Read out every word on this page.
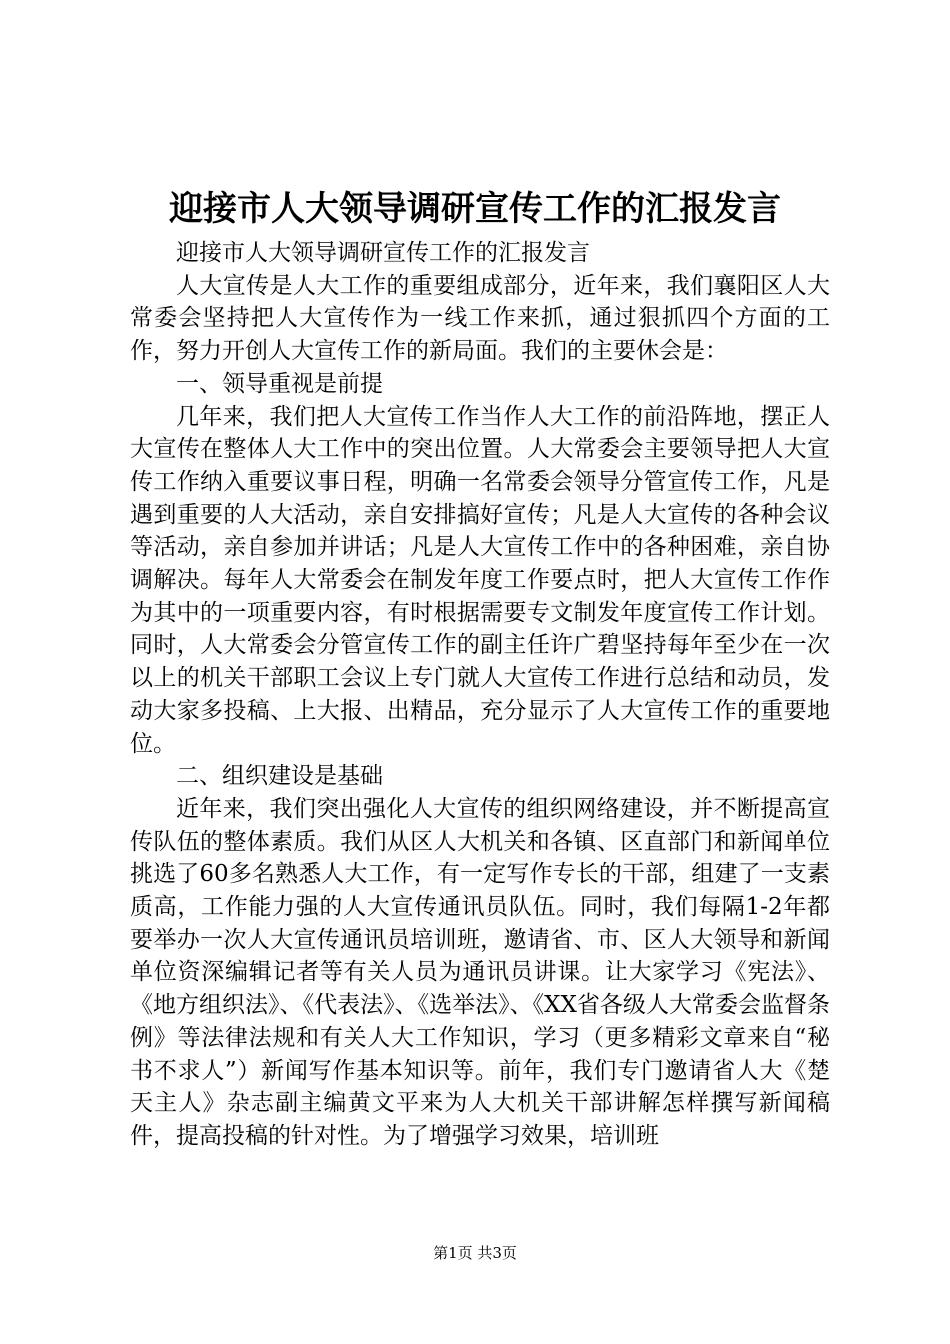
迎接市人大领导调研宣传工作的汇报发言

迎接市人大领导调研宣传工作的汇报发言

人大宣传是人大工作的重要组成部分，近年来，我们襄阳区人大常委会坚持把人大宣传作为一线工作来抓，通过狠抓四个方面的工作，努力开创人大宣传工作的新局面。我们的主要休会是：

一、领导重视是前提

几年来，我们把人大宣传工作当作人大工作的前沿阵地，摆正人大宣传在整体人大工作中的突出位置。人大常委会主要领导把人大宣传工作纳入重要议事日程，明确一名常委会领导分管宣传工作，凡是遇到重要的人大活动，亲自安排搞好宣传；凡是人大宣传的各种会议等活动，亲自参加并讲话；凡是人大宣传工作中的各种困难，亲自协调解决。每年人大常委会在制发年度工作要点时，把人大宣传工作作为其中的一项重要内容，有时根据需要专文制发年度宣传工作计划。同时，人大常委会分管宣传工作的副主任许广碧坚持每年至少在一次以上的机关干部职工会议上专门就人大宣传工作进行总结和动员，发动大家多投稿、上大报、出精品，充分显示了人大宣传工作的重要地位。

二、组织建设是基础

近年来，我们突出强化人大宣传的组织网络建设，并不断提高宣传队伍的整体素质。我们从区人大机关和各镇、区直部门和新闻单位挑选了60多名熟悉人大工作，有一定写作专长的干部，组建了一支素质高，工作能力强的人大宣传通讯员队伍。同时，我们每隔1-2年都要举办一次人大宣传通讯员培训班，邀请省、市、区人大领导和新闻单位资深编辑记者等有关人员为通讯员讲课。让大家学习《宪法》、《地方组织法》、《代表法》、《选举法》、《XX省各级人大常委会监督条例》等法律法规和有关人大工作知识，学习（更多精彩文章来自“秘书不求人”）新闻写作基本知识等。前年，我们专门邀请省人大《楚天主人》杂志副主编黄文平来为人大机关干部讲解怎样撰写新闻稿件，提高投稿的针对性。为了增强学习效果，培训班

第1页 共3页
